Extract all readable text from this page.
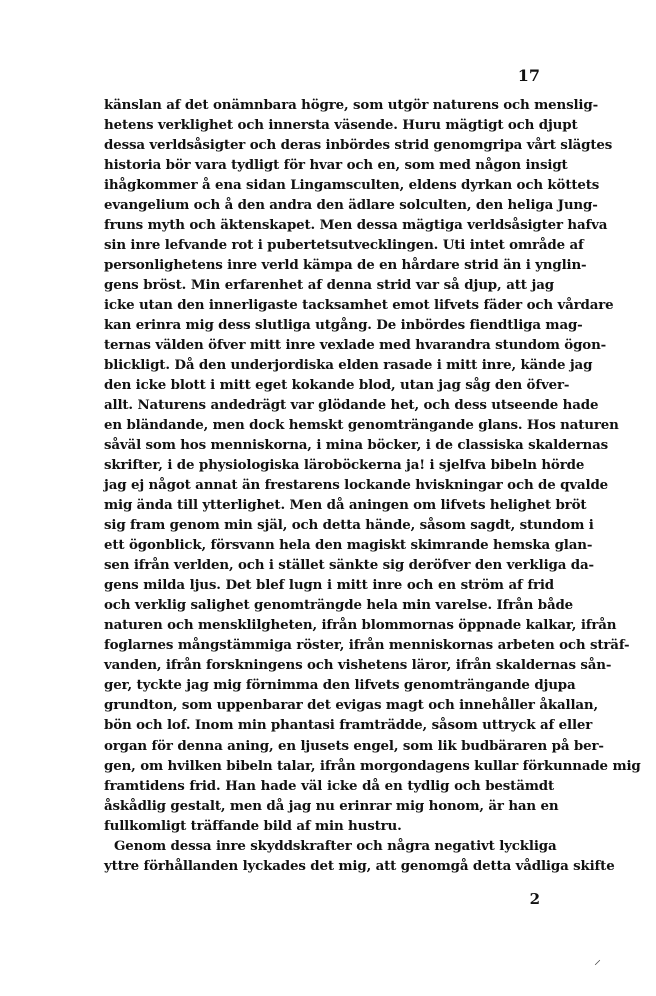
17
känslan af det onämnbara högre, som utgör naturens och menslig-
hetens verklighet och innersta väsende. Huru mägtigt och djupt
dessa verldsåsigter och deras inbördes strid genomgripa vårt slägtes
historia bör vara tydligt för hvar och en, som med någon insigt
ihågkommer å ena sidan Lingamsculten, eldens dyrkan och köttets
evangelium och å den andra den ädlare solculten, den heliga Jung-
fruns myth och äktenskapet. Men dessa mägtiga verldsåsigter hafva
sin inre lefvande rot i pubertetsutvecklingen. Uti intet område af
personlighetens inre verld kämpa de en hårdare strid än i ynglin-
gens bröst. Min erfarenhet af denna strid var så djup, att jag
icke utan den innerligaste tacksamhet emot lifvets fäder och vårdare
kan erinra mig dess slutliga utgång. De inbördes fiendtliga mag-
ternas välden öfver mitt inre vexlade med hvarandra stundom ögon-
blickligt. Då den underjordiska elden rasade i mitt inre, kände jag
den icke blott i mitt eget kokande blod, utan jag såg den öfver-
allt. Naturens andedrägt var glödande het, och dess utseende hade
en bländande, men dock hemskt genomträngande glans. Hos naturen
såväl som hos menniskorna, i mina böcker, i de classiska skaldernas
skrifter, i de physiologiska läroböckerna ja! i sjelfva bibeln hörde
jag ej något annat än frestarens lockande hviskningar och de qvalde
mig ända till ytterlighet. Men då aningen om lifvets helighet bröt
sig fram genom min själ, och detta hände, såsom sagdt, stundom i
ett ögonblick, försvann hela den magiskt skimrande hemska glan-
sen ifrån verlden, och i stället sänkte sig deröfver den verkliga da-
gens milda ljus. Det blef lugn i mitt inre och en ström af frid
och verklig salighet genomträngde hela min varelse. Ifrån både
naturen och mensklilgheten, ifrån blommornas öppnade kalkar, ifrån
foglarnes mångstämmiga röster, ifrån menniskornas arbeten och sträf-
vanden, ifrån forskningens och vishetens läror, ifrån skaldernas sån-
ger, tyckte jag mig förnimma den lifvets genomträngande djupa
grundton, som uppenbarar det evigas magt och innehåller åkallan,
bön och lof. Inom min phantasi framträdde, såsom uttryck af eller
organ för denna aning, en ljusets engel, som lik budbäraren på ber-
gen, om hvilken bibeln talar, ifrån morgondagens kullar förkunnade mig
framtidens frid. Han hade väl icke då en tydlig och bestämdt
åskådlig gestalt, men då jag nu erinrar mig honom, är han en
fullkomligt träffande bild af min hustru.
Genom dessa inre skyddskrafter och några negativt lyckliga
yttre förhållanden lyckades det mig, att genomgå detta vådliga skifte
2
⸝
